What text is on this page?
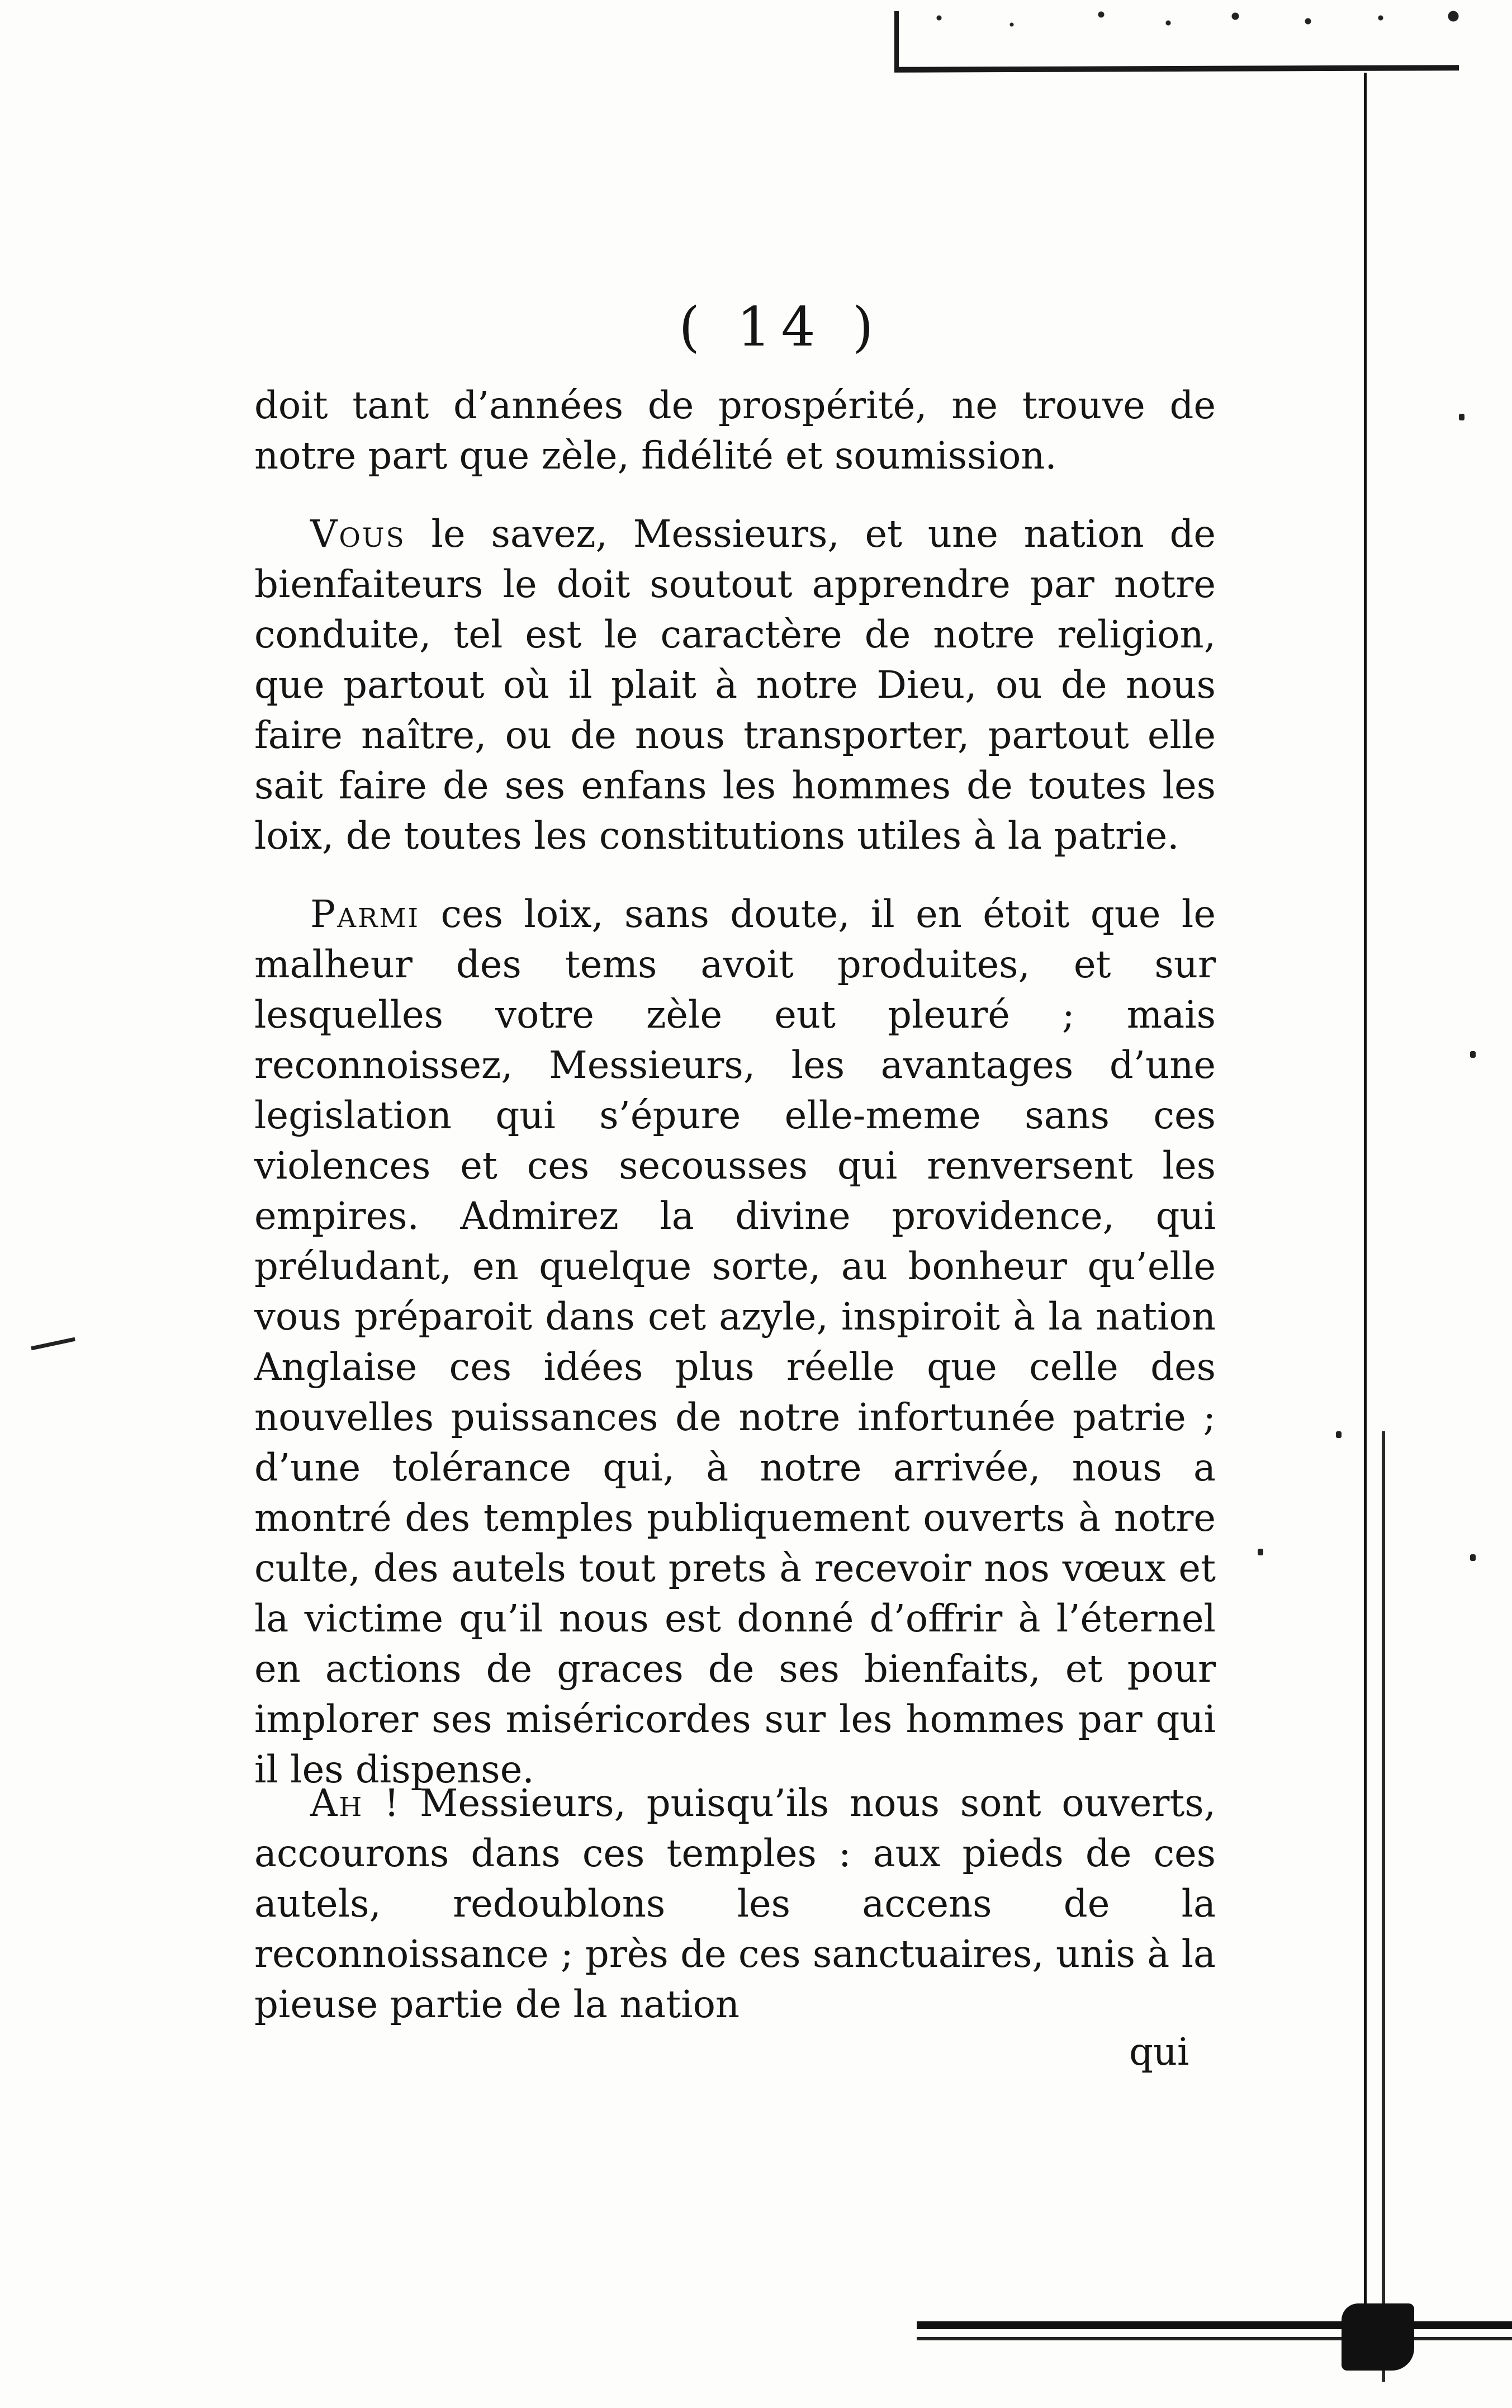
( 14 )

doit tant d’années de prospérité, ne trouve de notre part que zèle, fidélité et soumission.

Vous le savez, Messieurs, et une nation de bienfaiteurs le doit soutout apprendre par notre conduite, tel est le caractère de notre religion, que partout où il plait à notre Dieu, ou de nous faire naître, ou de nous transporter, partout elle sait faire de ses enfans les hommes de toutes les loix, de toutes les constitutions utiles à la patrie.

Parmi ces loix, sans doute, il en étoit que le malheur des tems avoit produites, et sur lesquelles votre zèle eut pleuré ; mais reconnoissez, Messieurs, les avantages d’une legislation qui s’épure elle-meme sans ces violences et ces secousses qui renversent les empires. Admirez la divine providence, qui préludant, en quelque sorte, au bonheur qu’elle vous préparoit dans cet azyle, inspiroit à la nation Anglaise ces idées plus réelle que celle des nouvelles puissances de notre infortunée patrie ; d’une tolérance qui, à notre arrivée, nous a montré des temples publiquement ouverts à notre culte, des autels tout prets à recevoir nos vœux et la victime qu’il nous est donné d’offrir à l’éternel en actions de graces de ses bienfaits, et pour implorer ses miséricordes sur les hommes par qui il les dispense.

Ah ! Messieurs, puisqu’ils nous sont ouverts, accourons dans ces temples : aux pieds de ces autels, redoublons les accens de la reconnoissance ; près de ces sanctuaires, unis à la pieuse partie de la nation

qui
